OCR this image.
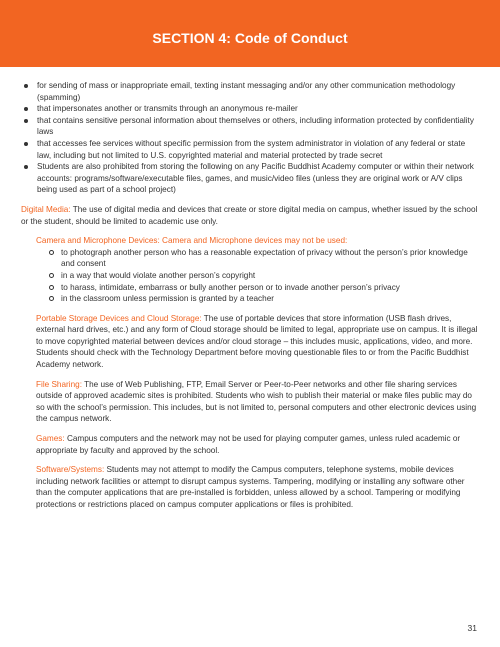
SECTION 4: Code of Conduct
for sending of mass or inappropriate email, texting instant messaging and/or any other communication methodology (spamming)
that impersonates another or transmits through an anonymous re-mailer
that contains sensitive personal information about themselves or others, including information protected by confidentiality laws
that accesses fee services without specific permission from the system administrator in violation of any federal or state law, including but not limited to U.S. copyrighted material and material protected by trade secret
Students are also prohibited from storing the following on any Pacific Buddhist Academy computer or within their network accounts: programs/software/executable files, games, and music/video files (unless they are original work or A/V clips being used as part of a school project)

Digital Media: The use of digital media and devices that create or store digital media on campus, whether issued by the school or the student, should be limited to academic use only.

Camera and Microphone Devices: Camera and Microphone devices may not be used:

to photograph another person who has a reasonable expectation of privacy without the person’s prior knowledge and consent
in a way that would violate another person’s copyright
to harass, intimidate, embarrass or bully another person or to invade another person’s privacy
in the classroom unless permission is granted by a teacher

Portable Storage Devices and Cloud Storage: The use of portable devices that store information (USB flash drives, external hard drives, etc.) and any form of Cloud storage should be limited to legal, appropriate use on campus. It is illegal to move copyrighted material between devices and/or cloud storage – this includes music, applications, video, and more. Students should check with the Technology Department before moving questionable files to or from the Pacific Buddhist Academy network.

File Sharing: The use of Web Publishing, FTP, Email Server or Peer-to-Peer networks and other file sharing services outside of approved academic sites is prohibited. Students who wish to publish their material or make files public may do so with the school’s permission. This includes, but is not limited to, personal computers and other electronic devices using the campus network.

Games: Campus computers and the network may not be used for playing computer games, unless ruled academic or appropriate by faculty and approved by the school.

Software/Systems: Students may not attempt to modify the Campus computers, telephone systems, mobile devices including network facilities or attempt to disrupt campus systems. Tampering, modifying or installing any software other than the computer applications that are pre-installed is forbidden, unless allowed by a school. Tampering or modifying protections or restrictions placed on campus computer applications or files is prohibited.

31
